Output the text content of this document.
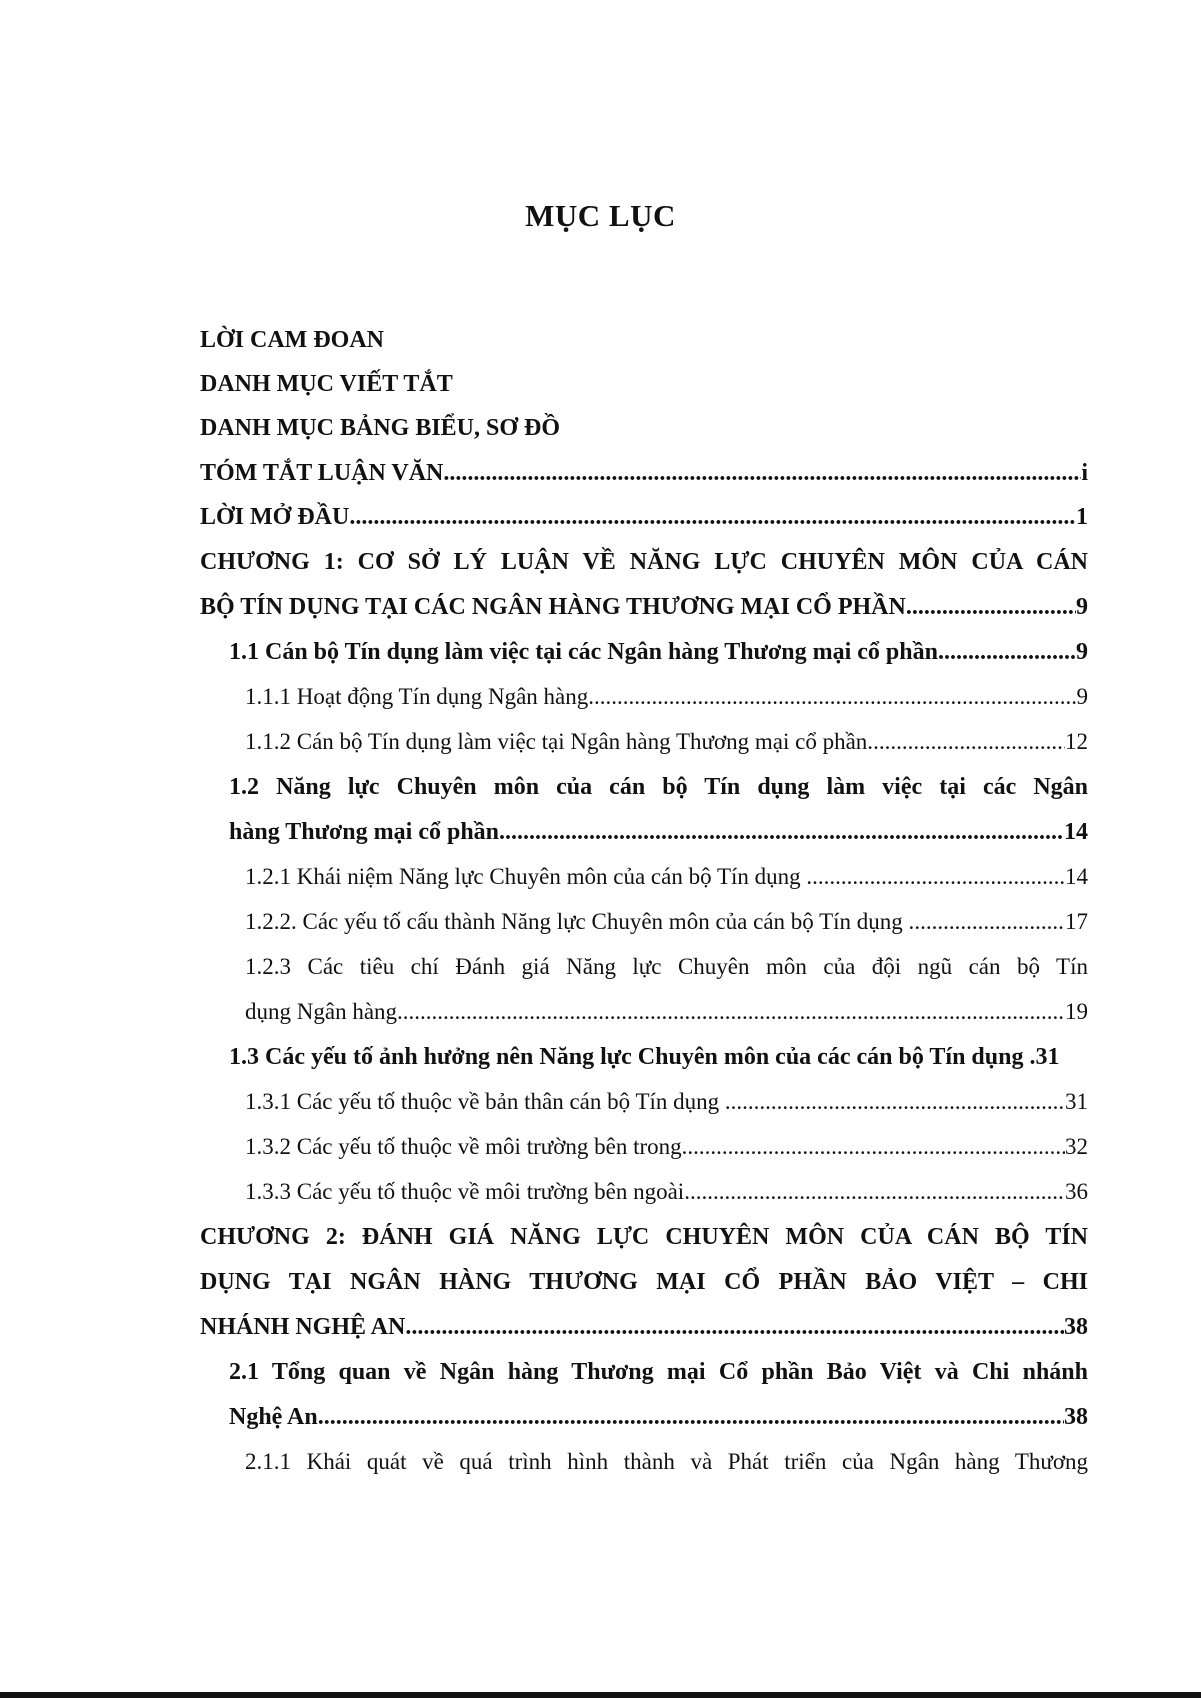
MỤC LỤC
LỜI CAM ĐOAN
DANH MỤC VIẾT TẮT
DANH MỤC BẢNG BIỂU, SƠ ĐỒ
TÓM TẮT LUẬN VĂN .....	i
LỜI MỞ ĐẦU .....	1
CHƯƠNG 1: CƠ SỞ LÝ LUẬN VỀ NĂNG LỰC CHUYÊN MÔN CỦA CÁN
BỘ TÍN DỤNG TẠI CÁC NGÂN HÀNG THƯƠNG MẠI CỔ PHẦN .....	9
1.1 Cán bộ Tín dụng làm việc tại các Ngân hàng Thương mại cổ phần. .....	9
1.1.1 Hoạt động Tín dụng Ngân hàng. .....	9
1.1.2 Cán bộ Tín dụng làm việc tại Ngân hàng Thương mại cổ phần. .....	12
1.2 Năng lực Chuyên môn của cán bộ Tín dụng làm việc tại các Ngân
hàng Thương mại cổ phần. .....	14
1.2.1 Khái niệm Năng lực Chuyên môn của cán bộ Tín dụng . .....	14
1.2.2. Các yếu tố cấu thành Năng lực Chuyên môn của cán bộ Tín dụng . .....	17
1.2.3 Các tiêu chí Đánh giá Năng lực Chuyên môn của đội ngũ cán bộ Tín
dụng Ngân hàng .....	19
1.3 Các yếu tố ảnh hưởng nên Năng lực Chuyên môn của các cán bộ Tín dụng .31
1.3.1 Các yếu tố thuộc về bản thân cán bộ Tín dụng . .....	31
1.3.2 Các yếu tố thuộc về môi trường bên trong .....	32
1.3.3 Các yếu tố thuộc về môi trường bên ngoài .....	36
CHƯƠNG 2: ĐÁNH GIÁ NĂNG LỰC CHUYÊN MÔN CỦA CÁN BỘ TÍN
DỤNG TẠI NGÂN HÀNG THƯƠNG MẠI CỔ PHẦN BẢO VIỆT – CHI
NHÁNH NGHỆ AN .....	38
2.1 Tổng quan về Ngân hàng Thương mại Cổ phần Bảo Việt và Chi nhánh
Nghệ An. .....	38
2.1.1 Khái quát về quá trình hình thành và Phát triển của Ngân hàng Thương
